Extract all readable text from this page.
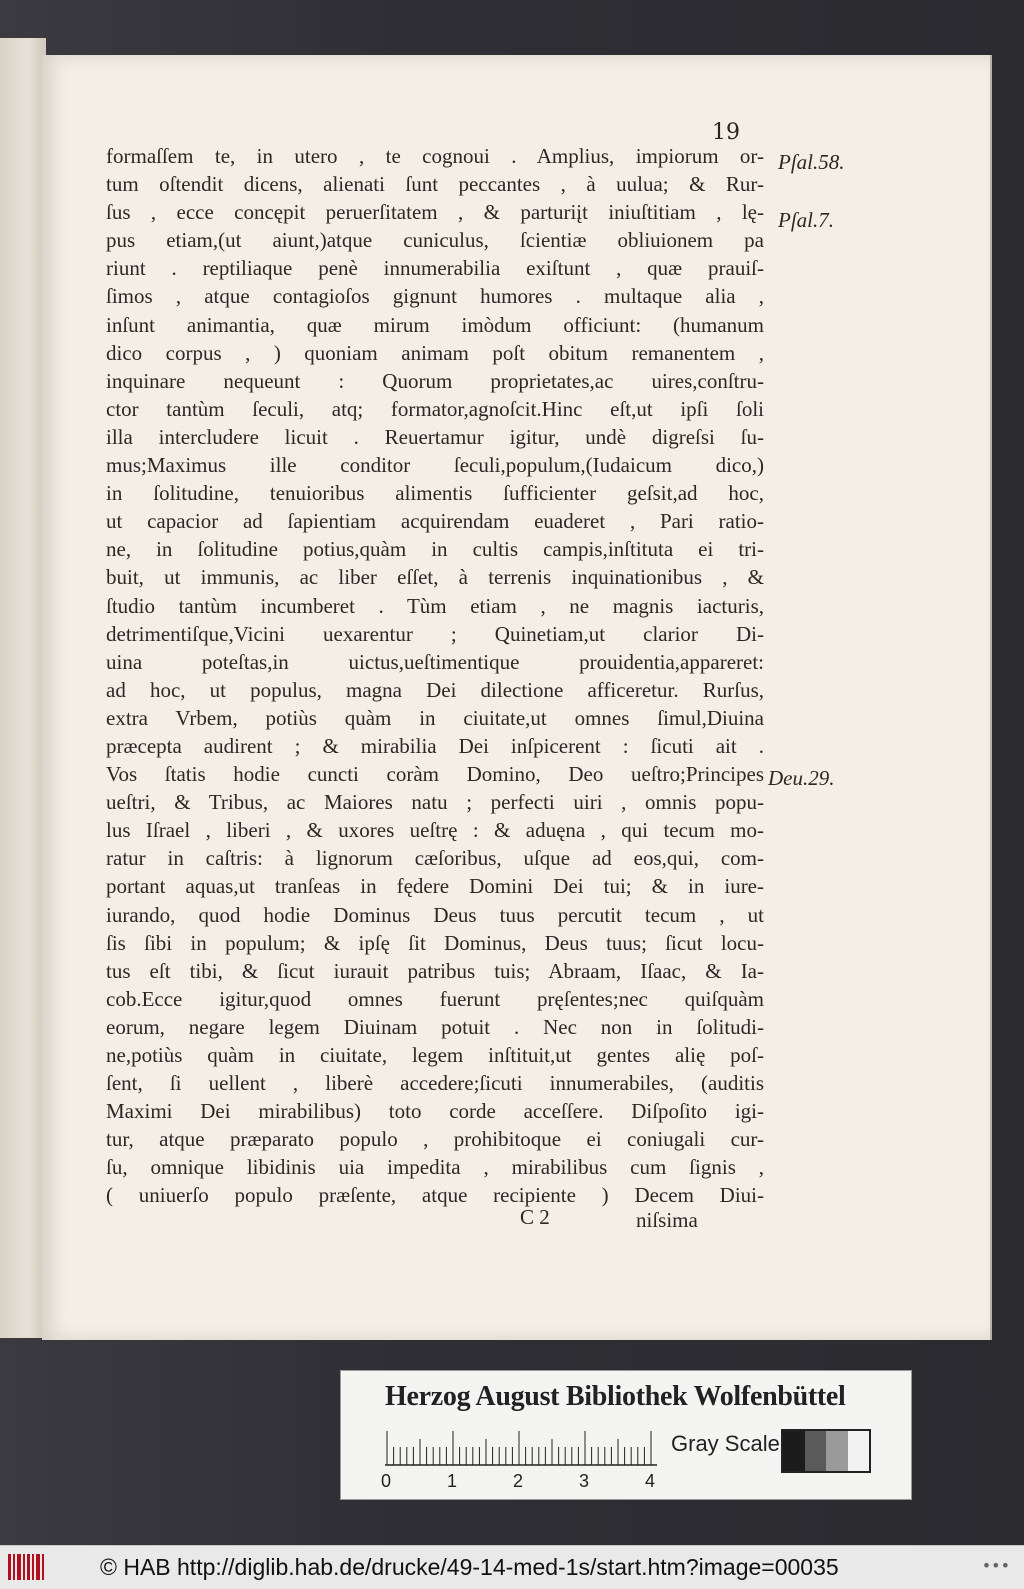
19
formaſſem te, in utero , te cognoui . Amplius, impiorum or-
tum oſtendit dicens, alienati ſunt peccantes , à uulua; & Rur-
ſus , ecce concępit peruerſitatem , & parturiįt iniuſtitiam , lę-
pus etiam,(ut aiunt,)atque cuniculus, ſcientiæ obliuionem pa
riunt . reptiliaque penè innumerabilia exiſtunt , quæ prauiſ-
ſimos , atque contagioſos gignunt humores . multaque alia ,
inſunt animantia, quæ mirum imòdum officiunt: (humanum
dico corpus , ) quoniam animam poſt obitum remanentem ,
inquinare nequeunt : Quorum proprietates,ac uires,conſtru-
ctor tantùm ſeculi, atq; formator,agnoſcit.Hinc eſt,ut ipſi ſoli
illa intercludere licuit . Reuertamur igitur, undè digreſsi ſu-
mus;Maximus ille conditor ſeculi,populum,(Iudaicum dico,)
in ſolitudine, tenuioribus alimentis ſufficienter geſsit,ad hoc,
ut capacior ad ſapientiam acquirendam euaderet , Pari ratio-
ne, in ſolitudine potius,quàm in cultis campis,inſtituta ei tri-
buit, ut immunis, ac liber eſſet, à terrenis inquinationibus , &
ſtudio tantùm incumberet . Tùm etiam , ne magnis iacturis,
detrimentiſque,Vicini uexarentur ; Quinetiam,ut clarior Di-
uina poteſtas,in uictus,ueſtimentique prouidentia,appareret:
ad hoc, ut populus, magna Dei dilectione afficeretur. Rurſus,
extra Vrbem, potiùs quàm in ciuitate,ut omnes ſimul,Diuina
præcepta audirent ; & mirabilia Dei inſpicerent : ſicuti ait .
Vos ſtatis hodie cuncti coràm Domino, Deo ueſtro;Principes
ueſtri, & Tribus, ac Maiores natu ; perfecti uiri , omnis popu-
lus Iſrael , liberi , & uxores ueſtrę : & aduęna , qui tecum mo-
ratur in caſtris: à lignorum cæſoribus, uſque ad eos,qui, com-
portant aquas,ut tranſeas in fędere Domini Dei tui; & in iure-
iurando, quod hodie Dominus Deus tuus percutit tecum , ut
ſis ſibi in populum; & ipſę ſit Dominus, Deus tuus; ſicut locu-
tus eſt tibi, & ſicut iurauit patribus tuis; Abraam, Iſaac, & Ia-
cob.Ecce igitur,quod omnes fuerunt pręſentes;nec quiſquàm
eorum, negare legem Diuinam potuit . Nec non in ſolitudi-
ne,potiùs quàm in ciuitate, legem inſtituit,ut gentes alię poſ-
ſent, ſi uellent , liberè accedere;ſicuti innumerabiles, (auditis
Maximi Dei mirabilibus) toto corde acceſſere. Diſpoſito igi-
tur, atque præparato populo , prohibitoque ei coniugali cur-
ſu, omnique libidinis uia impedita , mirabilibus cum ſignis ,
( uniuerſo populo præſente, atque recipiente ) Decem Diui-
Pſal.58.
Pſal.7.
Deu.29.
C 2	niſsima
Herzog August Bibliothek Wolfenbüttel
0	1	2	3	4
Gray Scale
© HAB http://diglib.hab.de/drucke/49-14-med-1s/start.htm?image=00035	•••
